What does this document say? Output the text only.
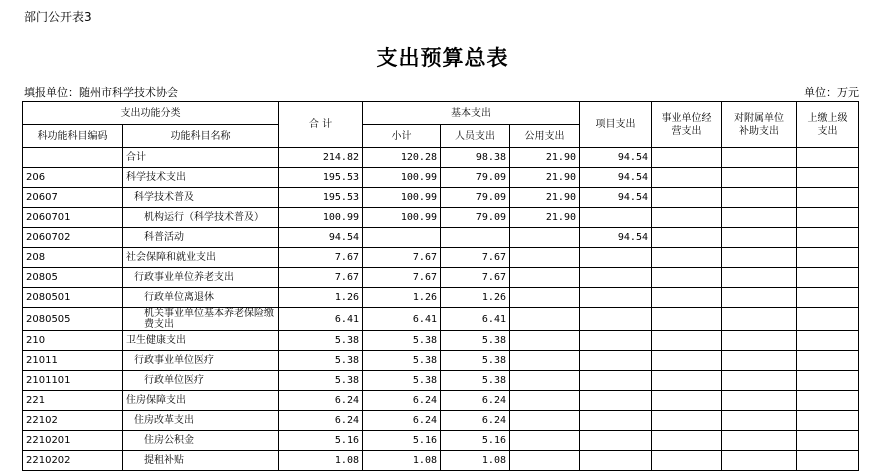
部门公开表3
支出预算总表
填报单位：随州市科学技术协会	单位：万元
支出功能分类		合 计	基本支出			项目支出	事业单位经营支出	对附属单位补助支出	上缴上级支出
科功能科目编码	功能科目名称		小计	人员支出	公用支出				
	合计	214.82	120.28	98.38	21.90	94.54			
206	科学技术支出	195.53	100.99	79.09	21.90	94.54			
20607	科学技术普及	195.53	100.99	79.09	21.90	94.54			
2060701	机构运行（科学技术普及）	100.99	100.99	79.09	21.90				
2060702	科普活动	94.54				94.54			
208	社会保障和就业支出	7.67	7.67	7.67					
20805	行政事业单位养老支出	7.67	7.67	7.67					
2080501	行政单位离退休	1.26	1.26	1.26					
2080505	机关事业单位基本养老保险缴费支出	6.41	6.41	6.41					
210	卫生健康支出	5.38	5.38	5.38					
21011	行政事业单位医疗	5.38	5.38	5.38					
2101101	行政单位医疗	5.38	5.38	5.38					
221	住房保障支出	6.24	6.24	6.24					
22102	住房改革支出	6.24	6.24	6.24					
2210201	住房公积金	5.16	5.16	5.16					
2210202	提租补贴	1.08	1.08	1.08					
